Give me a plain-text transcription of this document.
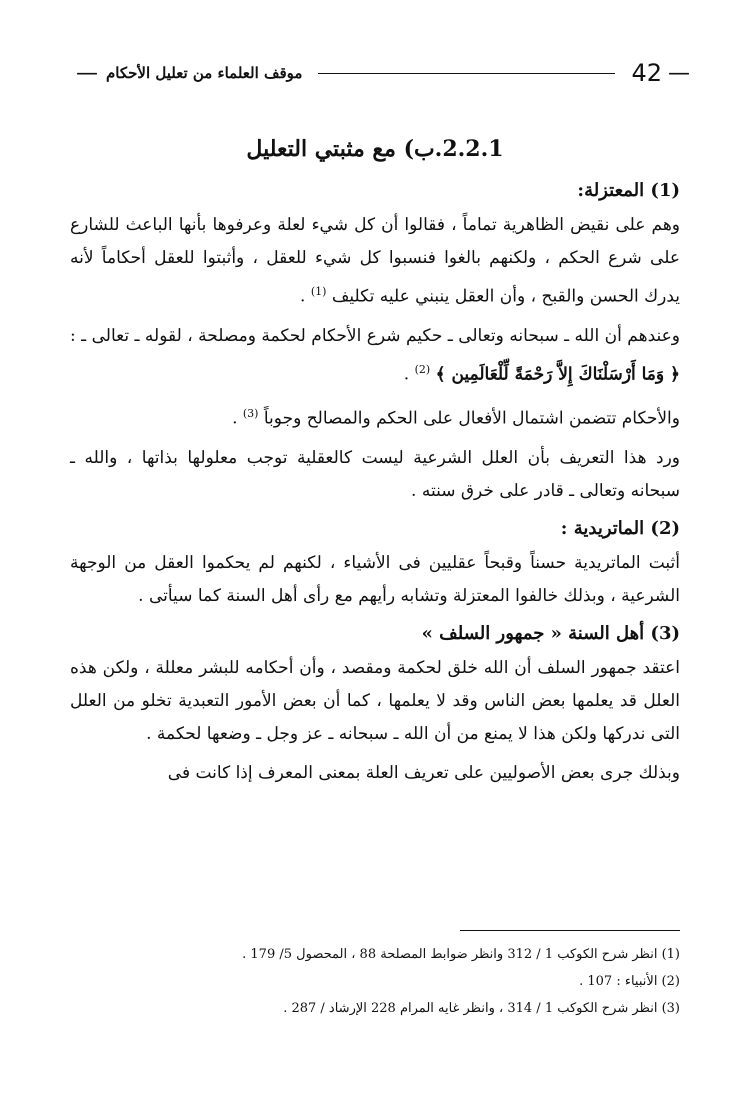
—
42
موقف العلماء من تعليل الأحكام
—
2.2.1.ب) مع مثبتي التعليل
(1) المعتزلة:

وهم على نقيض الظاهرية تماماً ، فقالوا أن كل شيء لعلة وعرفوها بأنها الباعث للشارع على شرع الحكم ، ولكنهم بالغوا فنسبوا كل شيء للعقل ، وأثبتوا للعقل أحكاماً لأنه يدرك الحسن والقبح ، وأن العقل ينبني عليه تكليف $^{(1)}$ .

وعندهم أن الله ـ سبحانه وتعالى ـ حكيم شرع الأحكام لحكمة ومصلحة ، لقوله ـ تعالى ـ : ﴿ وَمَا أَرْسَلْنَاكَ إِلاَّ رَحْمَةً لِّلْعَالَمِين ﴾ $^{(2)}$ .

والأحكام تتضمن اشتمال الأفعال على الحكم والمصالح وجوباً $^{(3)}$ .

ورد هذا التعريف بأن العلل الشرعية ليست كالعقلية توجب معلولها بذاتها ، والله ـ سبحانه وتعالى ـ قادر على خرق سنته .

(2) الماتريدية :

أثبت الماتريدية حسناً وقبحاً عقليين فى الأشياء ، لكنهم لم يحكموا العقل من الوجهة الشرعية ، وبذلك خالفوا المعتزلة وتشابه رأيهم مع رأى أهل السنة كما سيأتى .

(3) أهل السنة « جمهور السلف »

اعتقد جمهور السلف أن الله خلق لحكمة ومقصد ، وأن أحكامه للبشر معللة ، ولكن هذه العلل قد يعلمها بعض الناس وقد لا يعلمها ، كما أن بعض الأمور التعبدية تخلو من العلل التى ندركها ولكن هذا لا يمنع من أن الله ـ سبحانه ـ عز وجل ـ وضعها لحكمة .

وبذلك جرى بعض الأصوليين على تعريف العلة بمعنى المعرف إذا كانت فى

(1) انظر شرح الكوكب 1 / 312 وانظر ضوابط المصلحة 88 ، المحصول 5/ 179 .
(2) الأنبياء : 107 .
(3) انظر شرح الكوكب 1 / 314 ، وانظر غايه المرام 228 الإرشاد / 287 .
